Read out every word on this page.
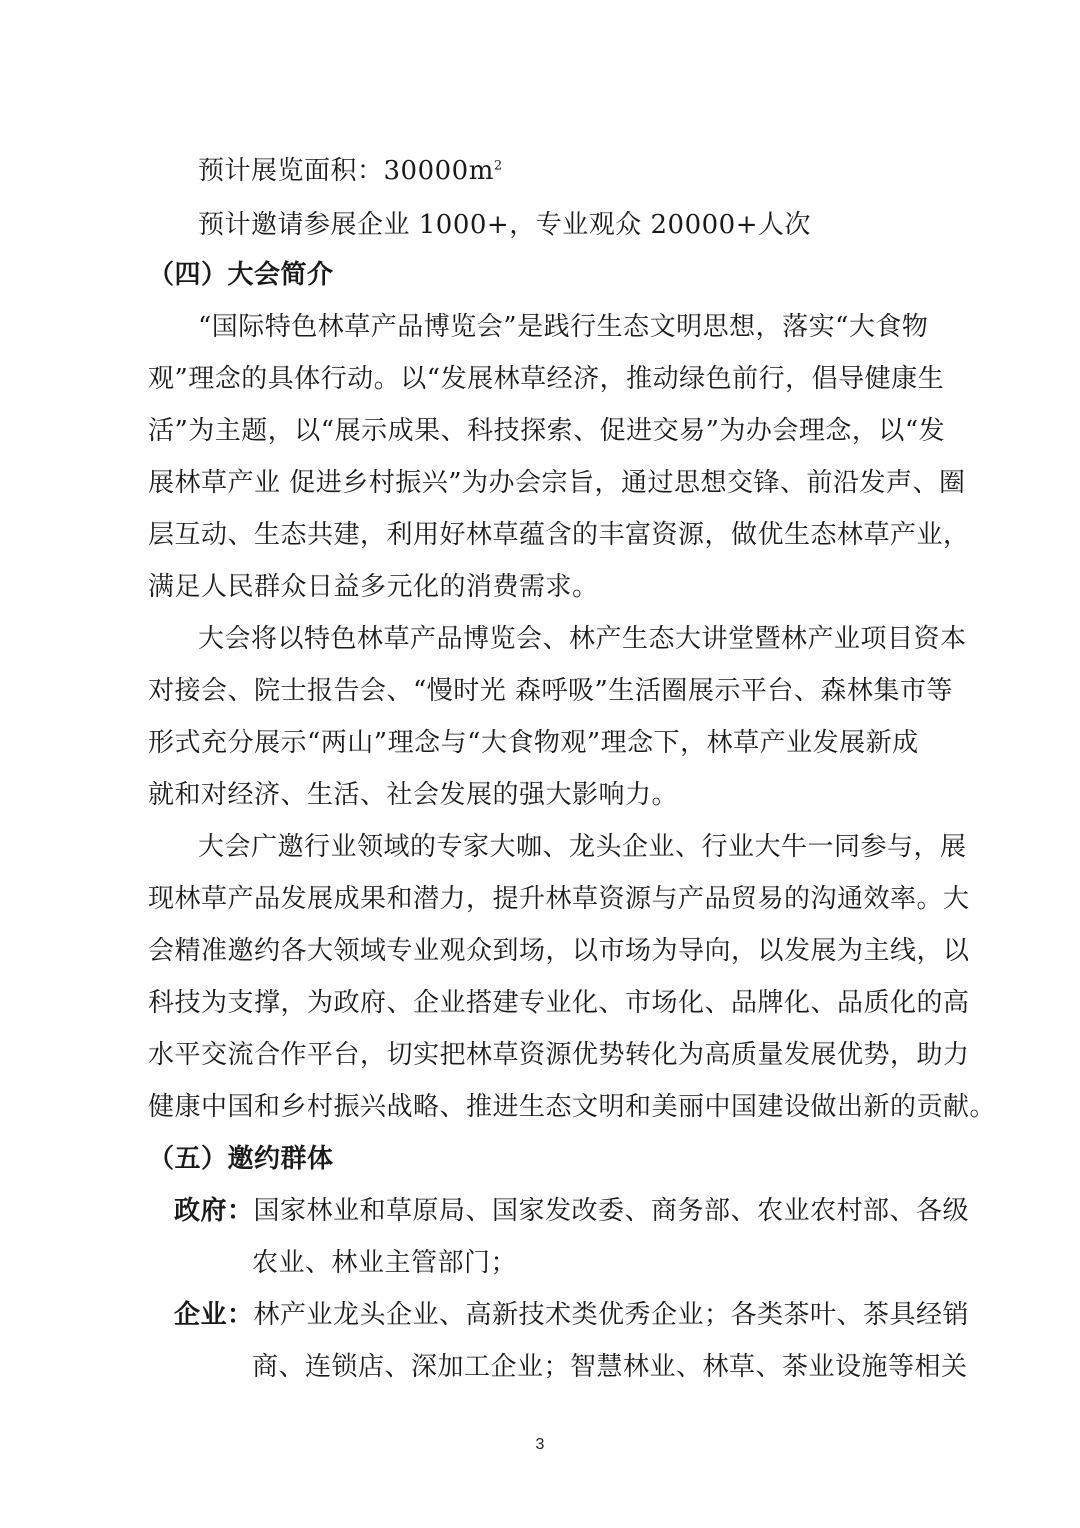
预计展览面积：$30000m^2$
预计邀请参展企业 1000+，专业观众 20000+人次
（四）大会简介
“国际特色林草产品博览会”是践行生态文明思想，落实“大食物
观”理念的具体行动。以“发展林草经济，推动绿色前行，倡导健康生
活”为主题，以“展示成果、科技探索、促进交易”为办会理念，以“发
展林草产业 促进乡村振兴”为办会宗旨，通过思想交锋、前沿发声、圈
层互动、生态共建，利用好林草蕴含的丰富资源，做优生态林草产业，
满足人民群众日益多元化的消费需求。
大会将以特色林草产品博览会、林产生态大讲堂暨林产业项目资本
对接会、院士报告会、“慢时光 森呼吸”生活圈展示平台、森林集市等
形式充分展示“两山”理念与“大食物观”理念下，林草产业发展新成
就和对经济、生活、社会发展的强大影响力。
大会广邀行业领域的专家大咖、龙头企业、行业大牛一同参与，展
现林草产品发展成果和潜力，提升林草资源与产品贸易的沟通效率。大
会精准邀约各大领域专业观众到场，以市场为导向，以发展为主线，以
科技为支撑，为政府、企业搭建专业化、市场化、品牌化、品质化的高
水平交流合作平台，切实把林草资源优势转化为高质量发展优势，助力
健康中国和乡村振兴战略、推进生态文明和美丽中国建设做出新的贡献。
（五）邀约群体
政府：国家林业和草原局、国家发改委、商务部、农业农村部、各级
农业、林业主管部门；
企业：林产业龙头企业、高新技术类优秀企业；各类茶叶、茶具经销
商、连锁店、深加工企业；智慧林业、林草、茶业设施等相关
3
